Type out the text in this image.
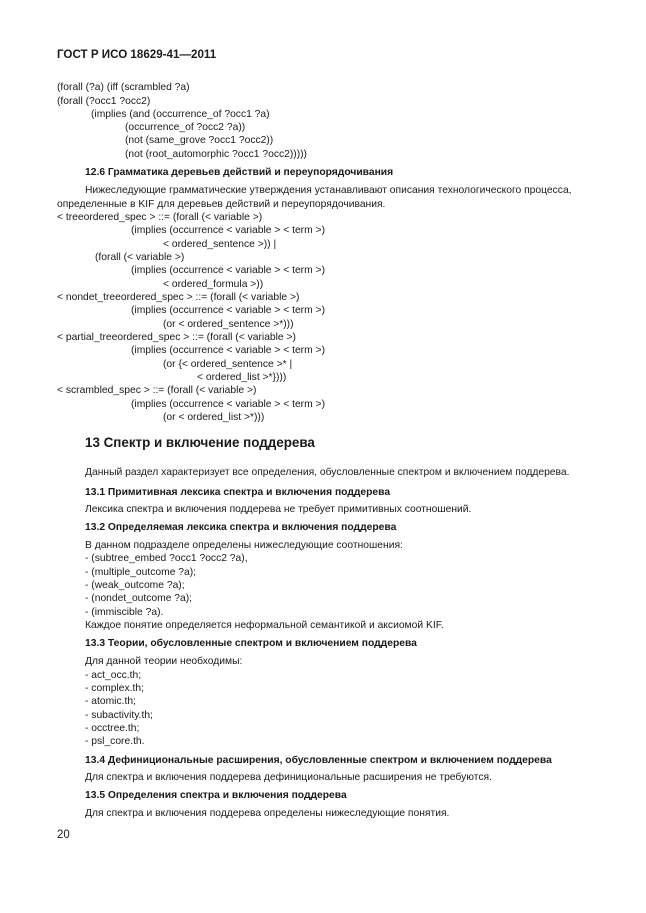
ГОСТ Р ИСО 18629-41—2011
(forall (?a) (iff (scrambled ?a)
(forall (?occ1 ?occ2)
(implies (and (occurrence_of ?occ1 ?a)
(occurrence_of ?occ2 ?a))
(not (same_grove ?occ1 ?occ2))
(not (root_automorphic ?occ1 ?occ2)))))
12.6 Грамматика деревьев действий и переупорядочивания
Нижеследующие грамматические утверждения устанавливают описания технологического процесса,
определенные в KIF для деревьев действий и переупорядочивания.
< treeordered_spec > ::= (forall (< variable >)
(implies (occurrence < variable > < term >)
< ordered_sentence >)) |
(forall (< variable >)
(implies (occurrence < variable > < term >)
< ordered_formula >))
< nondet_treeordered_spec > ::= (forall (< variable >)
(implies (occurrence < variable > < term >)
(or < ordered_sentence >*)))
< partial_treeordered_spec > ::= (forall (< variable >)
(implies (occurrence < variable > < term >)
(or {< ordered_sentence >* |
< ordered_list >*})))
< scrambled_spec > ::= (forall (< variable >)
(implies (occurrence < variable > < term >)
(or < ordered_list >*)))
13 Спектр и включение поддерева
Данный раздел характеризует все определения, обусловленные спектром и включением поддерева.
13.1 Примитивная лексика спектра и включения поддерева
Лексика спектра и включения поддерева не требует примитивных соотношений.
13.2 Определяемая лексика спектра и включения поддерева
В данном подразделе определены нижеследующие соотношения:
- (subtree_embed ?occ1 ?occ2 ?a),
- (multiple_outcome ?a);
- (weak_outcome ?a);
- (nondet_outcome ?a);
- (immiscible ?a).
Каждое понятие определяется неформальной семантикой и аксиомой KIF.
13.3 Теории, обусловленные спектром и включением поддерева
Для данной теории необходимы:
- act_occ.th;
- complex.th;
- atomic.th;
- subactivity.th;
- occtree.th;
- psl_core.th.
13.4 Дефинициональные расширения, обусловленные спектром и включением поддерева
Для спектра и включения поддерева дефинициональные расширения не требуются.
13.5 Определения спектра и включения поддерева
Для спектра и включения поддерева определены нижеследующие понятия.
20
